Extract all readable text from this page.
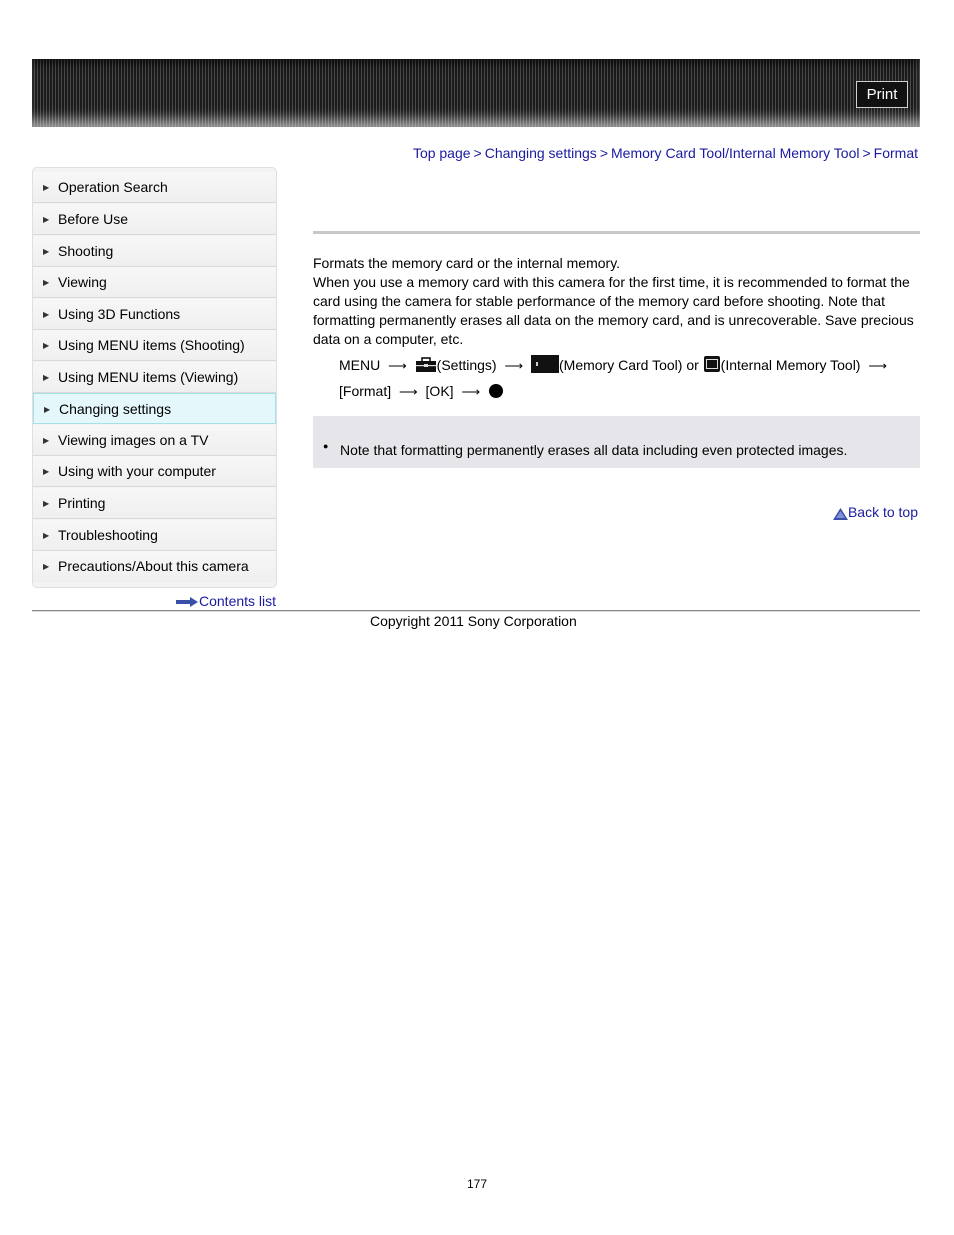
Print
Top page > Changing settings > Memory Card Tool/Internal Memory Tool > Format
▶ Operation Search
▶ Before Use
▶ Shooting
▶ Viewing
▶ Using 3D Functions
▶ Using MENU items (Shooting)
▶ Using MENU items (Viewing)
▶ Changing settings
▶ Viewing images on a TV
▶ Using with your computer
▶ Printing
▶ Troubleshooting
▶ Precautions/About this camera
Contents list

Formats the memory card or the internal memory.

When you use a memory card with this camera for the first time, it is recommended to format the card using the camera for stable performance of the memory card before shooting. Note that formatting permanently erases all data on the memory card, and is unrecoverable. Save precious data on a computer, etc.

MENU ⟶ (Settings) ⟶	(Memory Card Tool) or (Internal Memory Tool) ⟶
[Format] ⟶ [OK] ⟶
● Note that formatting permanently erases all data including even protected images.
Back to top
Copyright 2011 Sony Corporation
177
